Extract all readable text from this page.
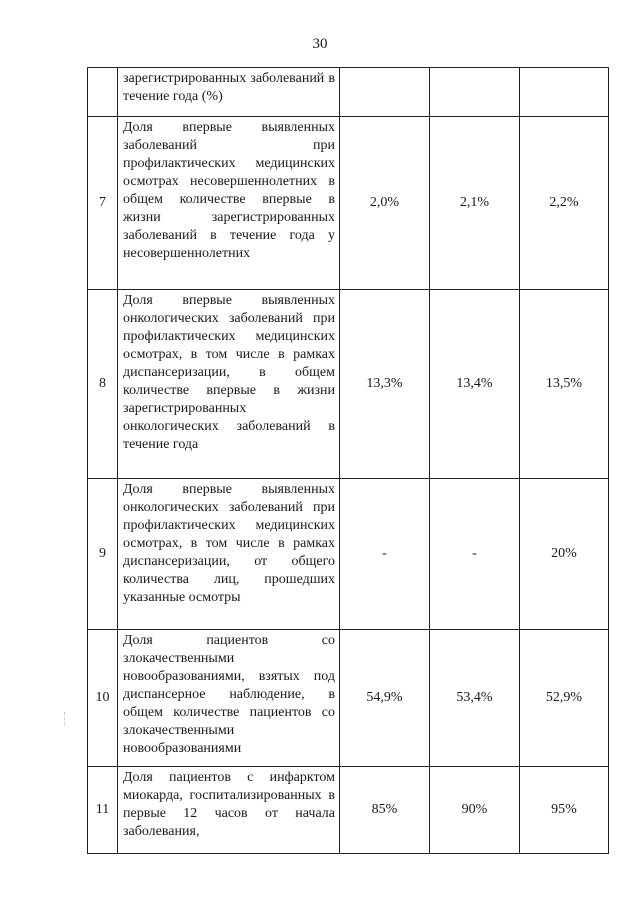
30
	зарегистрированных заболеваний в течение года (%)			
7	Доля впервые выявленных заболеваний при профилактических медицинских осмотрах несовершеннолетних в общем количестве впервые в жизни зарегистрированных заболеваний в течение года у несовершеннолетних	2,0%	2,1%	2,2%
8	Доля впервые выявленных онкологических заболеваний при профилактических медицинских осмотрах, в том числе в рамках диспансеризации, в общем количестве впервые в жизни зарегистрированных онкологических заболеваний в течение года	13,3%	13,4%	13,5%
9	Доля впервые выявленных онкологических заболеваний при профилактических медицинских осмотрах, в том числе в рамках диспансеризации, от общего количества лиц, прошедших указанные осмотры	-	-	20%
10	Доля пациентов со злокачественными новообразованиями, взятых под диспансерное наблюдение, в общем количестве пациентов со злокачественными новообразованиями	54,9%	53,4%	52,9%
11	Доля пациентов с инфарктом миокарда, госпитализированных в первые 12 часов от начала заболевания,	85%	90%	95%
